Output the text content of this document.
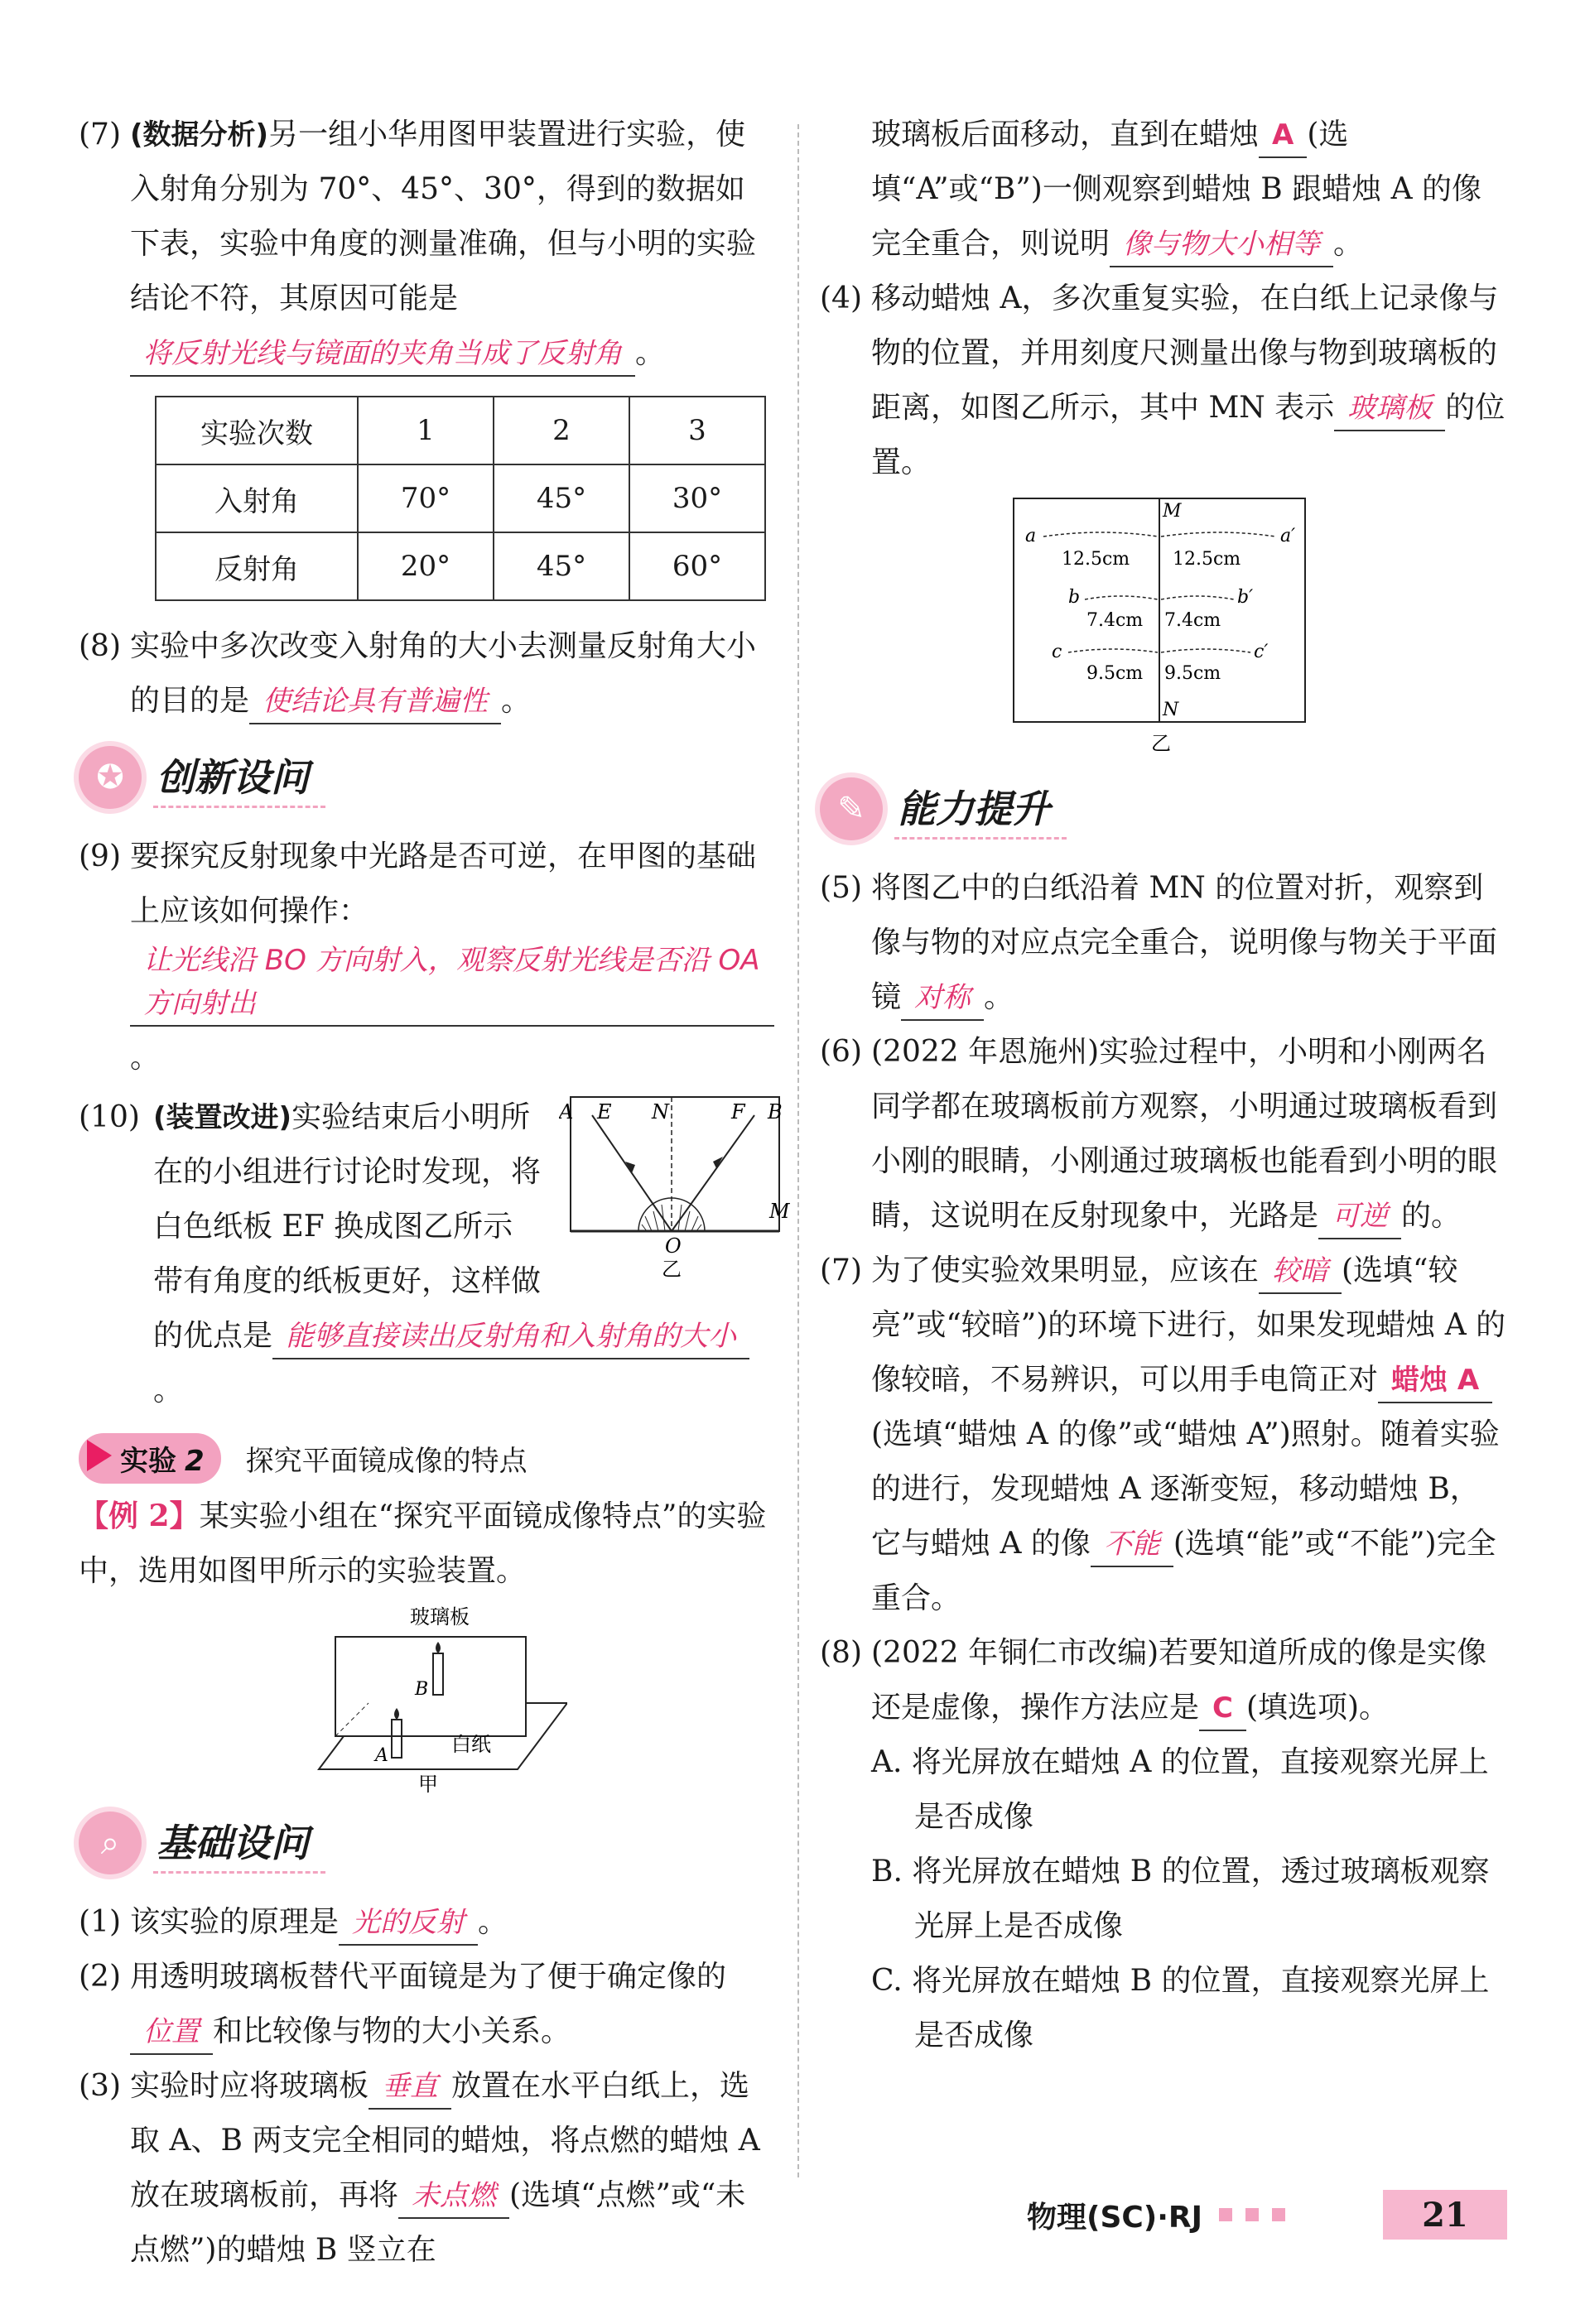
(7) (数据分析)另一组小华用图甲装置进行实验，使入射角分别为 70°、45°、30°，得到的数据如下表，实验中角度的测量准确，但与小明的实验结论不符，其原因可能是将反射光线与镜面的夹角当成了反射角 。

实验次数	1	2	3
入射角	70°	45°	30°
反射角	20°	45°	60°

(8) 实验中多次改变入射角的大小去测量反射角大小的目的是 使结论具有普遍性 。

✪ 创新设问

(9) 要探究反射现象中光路是否可逆，在甲图的基础上应该如何操作：让光线沿 BO 方向射入，观察反射光线是否沿 OA 方向射出。

A E N	F B
M
O
乙

(10) (装置改进)实验结束后小明所在的小组进行讨论时发现，将白色纸板 EF 换成图乙所示带有角度的纸板更好，这样做的优点是 能够直接读出反射角和入射角的大小。

实验 2	探究平面镜成像的特点

【例 2】某实验小组在“探究平面镜成像特点”的实验中，选用如图甲所示的实验装置。

玻璃板
B
A	白纸
甲
⌕ 基础设问

(1) 该实验的原理是 光的反射 。

(2) 用透明玻璃板替代平面镜是为了便于确定像的位置 和比较像与物的大小关系。

(3) 实验时应将玻璃板 垂直 放置在水平白纸上，选取 A、B 两支完全相同的蜡烛，将点燃的蜡烛 A 放在玻璃板前，再将 未点燃 (选填“点燃”或“未点燃”)的蜡烛 B 竖立在

玻璃板后面移动，直到在蜡烛 A (选填“A”或“B”)一侧观察到蜡烛 B 跟蜡烛 A 的像完全重合，则说明 像与物大小相等 。

(4) 移动蜡烛 A，多次重复实验，在白纸上记录像与物的位置，并用刻度尺测量出像与物到玻璃板的距离，如图乙所示，其中 MN 表示 玻璃板 的位置。

M
N
a	a′
b	b′
c	c′
12.5cm 12.5cm
7.4cm 7.4cm
9.5cm 9.5cm
乙
✎ 能力提升

(5) 将图乙中的白纸沿着 MN 的位置对折，观察到像与物的对应点完全重合，说明像与物关于平面镜 对称 。

(6) (2022 年恩施州)实验过程中，小明和小刚两名同学都在玻璃板前方观察，小明通过玻璃板看到小刚的眼睛，小刚通过玻璃板也能看到小明的眼睛，这说明在反射现象中，光路是 可逆 的。

(7) 为了使实验效果明显，应该在 较暗 (选填“较亮”或“较暗”)的环境下进行，如果发现蜡烛 A 的像较暗，不易辨识，可以用手电筒正对 蜡烛 A(选填“蜡烛 A 的像”或“蜡烛 A”)照射。随着实验的进行，发现蜡烛 A 逐渐变短，移动蜡烛 B，它与蜡烛 A 的像 不能 (选填“能”或“不能”)完全重合。

(8) (2022 年铜仁市改编)若要知道所成的像是实像还是虚像，操作方法应是 C (填选项)。

A. 将光屏放在蜡烛 A 的位置，直接观察光屏上是否成像

B. 将光屏放在蜡烛 B 的位置，透过玻璃板观察光屏上是否成像

C. 将光屏放在蜡烛 B 的位置，直接观察光屏上是否成像

物理(SC)·RJ	21
